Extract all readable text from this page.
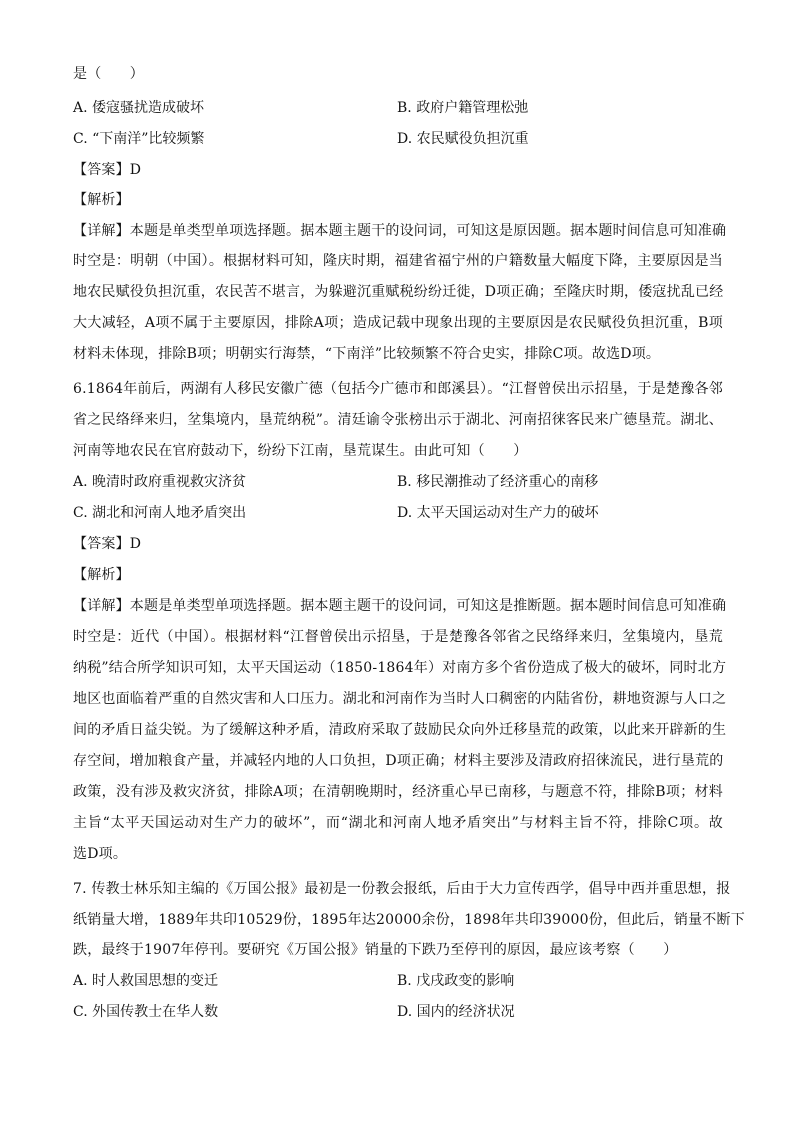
是（　　）
A. 倭寇骚扰造成破坏	B. 政府户籍管理松弛
C. “下南洋”比较频繁	D. 农民赋役负担沉重
【答案】D
【解析】
【详解】本题是单类型单项选择题。据本题主题干的设问词，可知这是原因题。据本题时间信息可知准确
时空是：明朝（中国）。根据材料可知，隆庆时期，福建省福宁州的户籍数量大幅度下降，主要原因是当
地农民赋役负担沉重，农民苦不堪言，为躲避沉重赋税纷纷迁徙，D项正确；至隆庆时期，倭寇扰乱已经
大大减轻，A项不属于主要原因，排除A项；造成记载中现象出现的主要原因是农民赋役负担沉重，B项
材料未体现，排除B项；明朝实行海禁，“下南洋”比较频繁不符合史实，排除C项。故选D项。
6.1864年前后，两湖有人移民安徽广德（包括今广德市和郎溪县）。“江督曾侯出示招垦，于是楚豫各邻
省之民络绎来归，坌集境内，垦荒纳税”。清廷谕令张榜出示于湖北、河南招徕客民来广德垦荒。湖北、
河南等地农民在官府鼓动下，纷纷下江南，垦荒谋生。由此可知（　　）
A. 晚清时政府重视救灾济贫	B. 移民潮推动了经济重心的南移
C. 湖北和河南人地矛盾突出	D. 太平天国运动对生产力的破坏
【答案】D
【解析】
【详解】本题是单类型单项选择题。据本题主题干的设问词，可知这是推断题。据本题时间信息可知准确
时空是：近代（中国）。根据材料“江督曾侯出示招垦，于是楚豫各邻省之民络绎来归，坌集境内，垦荒
纳税”结合所学知识可知，太平天国运动（1850-1864年）对南方多个省份造成了极大的破坏，同时北方
地区也面临着严重的自然灾害和人口压力。湖北和河南作为当时人口稠密的内陆省份，耕地资源与人口之
间的矛盾日益尖锐。为了缓解这种矛盾，清政府采取了鼓励民众向外迁移垦荒的政策，以此来开辟新的生
存空间，增加粮食产量，并减轻内地的人口负担，D项正确；材料主要涉及清政府招徕流民，进行垦荒的
政策，没有涉及救灾济贫，排除A项；在清朝晚期时，经济重心早已南移，与题意不符，排除B项；材料
主旨“太平天国运动对生产力的破坏”，而“湖北和河南人地矛盾突出”与材料主旨不符，排除C项。故
选D项。
7. 传教士林乐知主编的《万国公报》最初是一份教会报纸，后由于大力宣传西学，倡导中西并重思想，报
纸销量大增，1889年共印10529份，1895年达20000余份，1898年共印39000份，但此后，销量不断下
跌，最终于1907年停刊。要研究《万国公报》销量的下跌乃至停刊的原因，最应该考察（　　）
A. 时人救国思想的变迁	B. 戊戌政变的影响
C. 外国传教士在华人数	D. 国内的经济状况
